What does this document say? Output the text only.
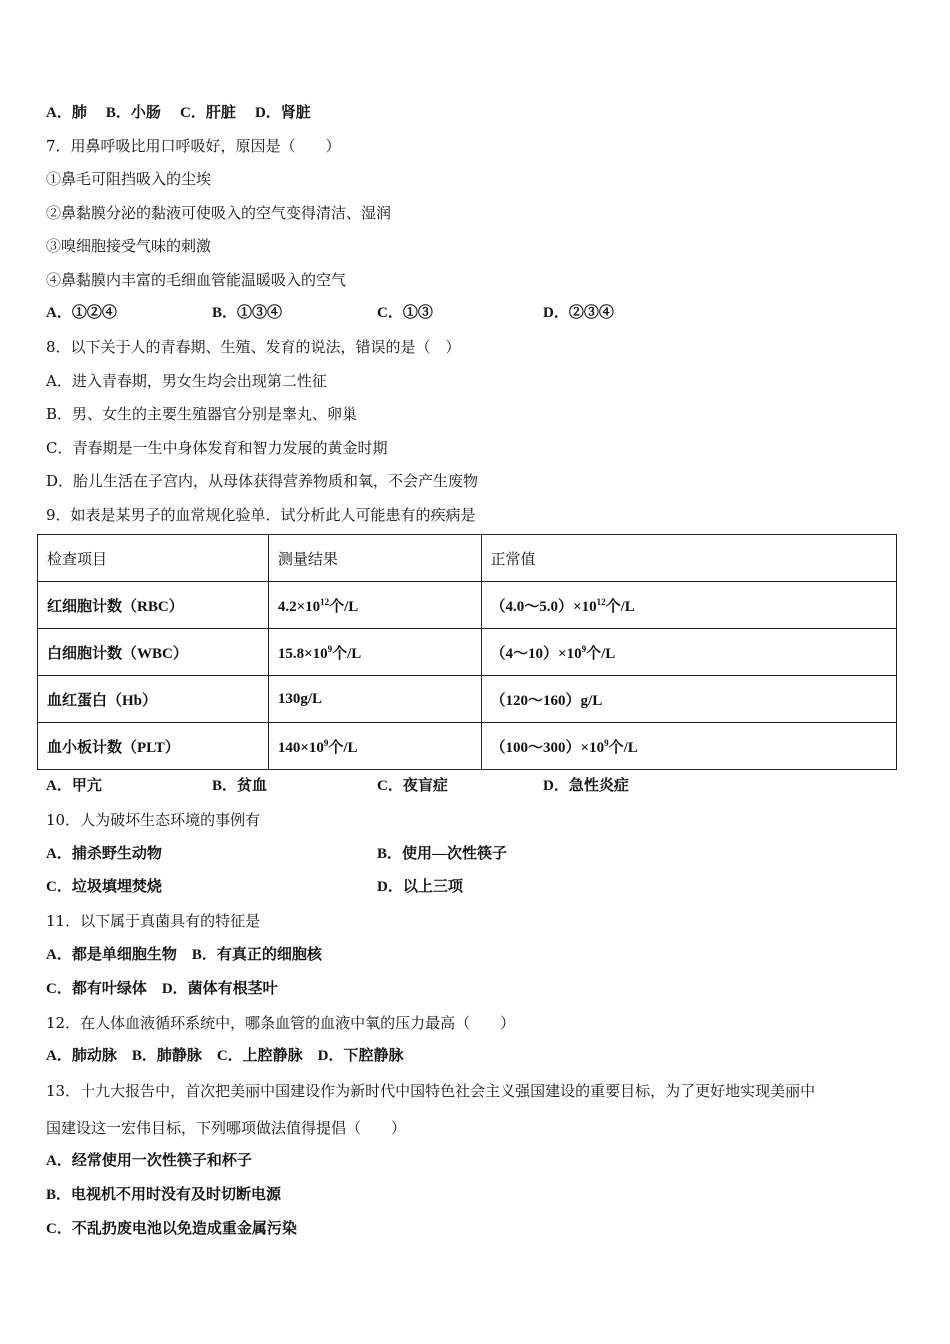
A．肺 B．小肠 C．肝脏 D．肾脏
7．用鼻呼吸比用口呼吸好，原因是（　　）
①鼻毛可阻挡吸入的尘埃
②鼻黏膜分泌的黏液可使吸入的空气变得清洁、湿润
③嗅细胞接受气味的刺激
④鼻黏膜内丰富的毛细血管能温暖吸入的空气
A．①②④	B．①③④	C．①③	D．②③④
8．以下关于人的青春期、生殖、发育的说法，错误的是（　）
A．进入青春期，男女生均会出现第二性征
B．男、女生的主要生殖器官分别是睾丸、卵巢
C．青春期是一生中身体发育和智力发展的黄金时期
D．胎儿生活在子宫内，从母体获得营养物质和氧，不会产生废物
9．如表是某男子的血常规化验单．试分析此人可能患有的疾病是
检查项目	测量结果	正常值
红细胞计数（RBC）	$4.2\times 10^{12}$个/L	$(4.0\sim 5.0)\times 10^{12}$个/L
白细胞计数（WBC）	$15.8\times 10^9$个/L	$(4\sim 10)\times 10^9$个/L
血红蛋白（Hb）	130g/L	（120～160）g/L
血小板计数（PLT）	$140\times 10^9$个/L	$(100\sim 300)\times 10^9$个/L
A．甲亢	B．贫血	C．夜盲症	D．急性炎症
10．人为破坏生态环境的事例有
A．捕杀野生动物	B．使用—次性筷子
C．垃圾填埋焚烧	D．以上三项
11．以下属于真菌具有的特征是
A．都是单细胞生物　B．有真正的细胞核
C．都有叶绿体　D．菌体有根茎叶
12．在人体血液循环系统中，哪条血管的血液中氧的压力最高（　　）
A．肺动脉　B．肺静脉　C．上腔静脉　D．下腔静脉
13．十九大报告中，首次把美丽中国建设作为新时代中国特色社会主义强国建设的重要目标，为了更好地实现美丽中
国建设这一宏伟目标，下列哪项做法值得提倡（　　）
A．经常使用一次性筷子和杯子
B．电视机不用时没有及时切断电源
C．不乱扔废电池以免造成重金属污染
